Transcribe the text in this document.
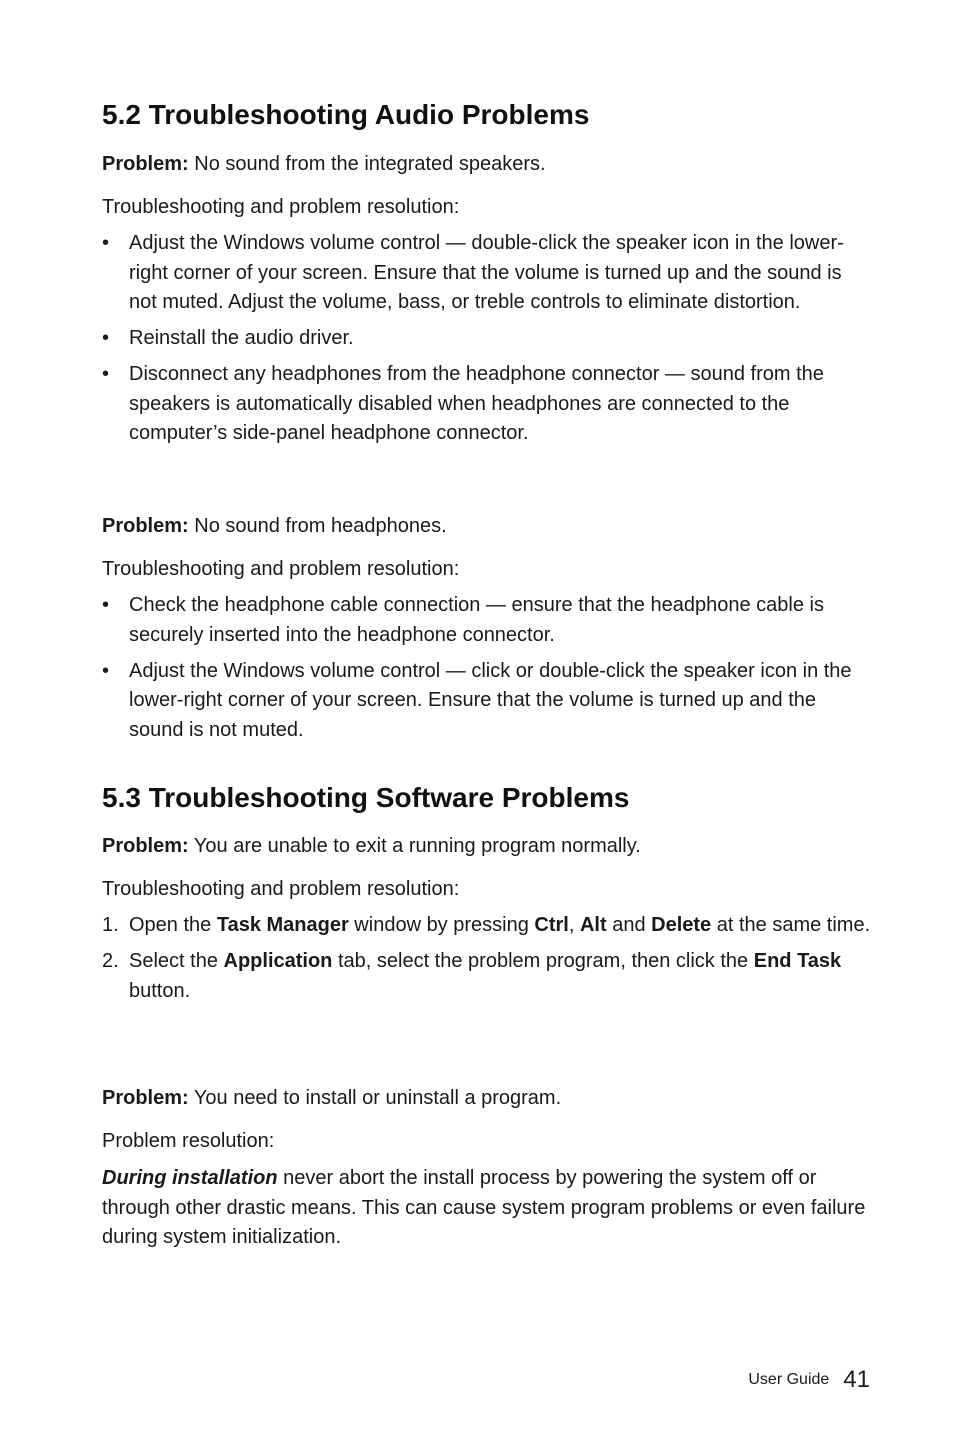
5.2 Troubleshooting Audio Problems
Problem: No sound from the integrated speakers.
Troubleshooting and problem resolution:
• Adjust the Windows volume control — double-click the speaker icon in the lower-right corner of your screen. Ensure that the volume is turned up and the sound is not muted. Adjust the volume, bass, or treble controls to eliminate distortion.
• Reinstall the audio driver.
• Disconnect any headphones from the headphone connector — sound from the speakers is automatically disabled when headphones are connected to the computer’s side-panel headphone connector.
Problem: No sound from headphones.
Troubleshooting and problem resolution:
• Check the headphone cable connection — ensure that the headphone cable is securely inserted into the headphone connector.
• Adjust the Windows volume control — click or double-click the speaker icon in the lower-right corner of your screen. Ensure that the volume is turned up and the sound is not muted.
5.3 Troubleshooting Software Problems
Problem: You are unable to exit a running program normally.
Troubleshooting and problem resolution:
1. Open the Task Manager window by pressing Ctrl, Alt and Delete at the same time.
2. Select the Application tab, select the problem program, then click the End Task button.
Problem: You need to install or uninstall a program.
Problem resolution:
During installation never abort the install process by powering the system off or through other drastic means. This can cause system program problems or even failure during system initialization.
User Guide 41
